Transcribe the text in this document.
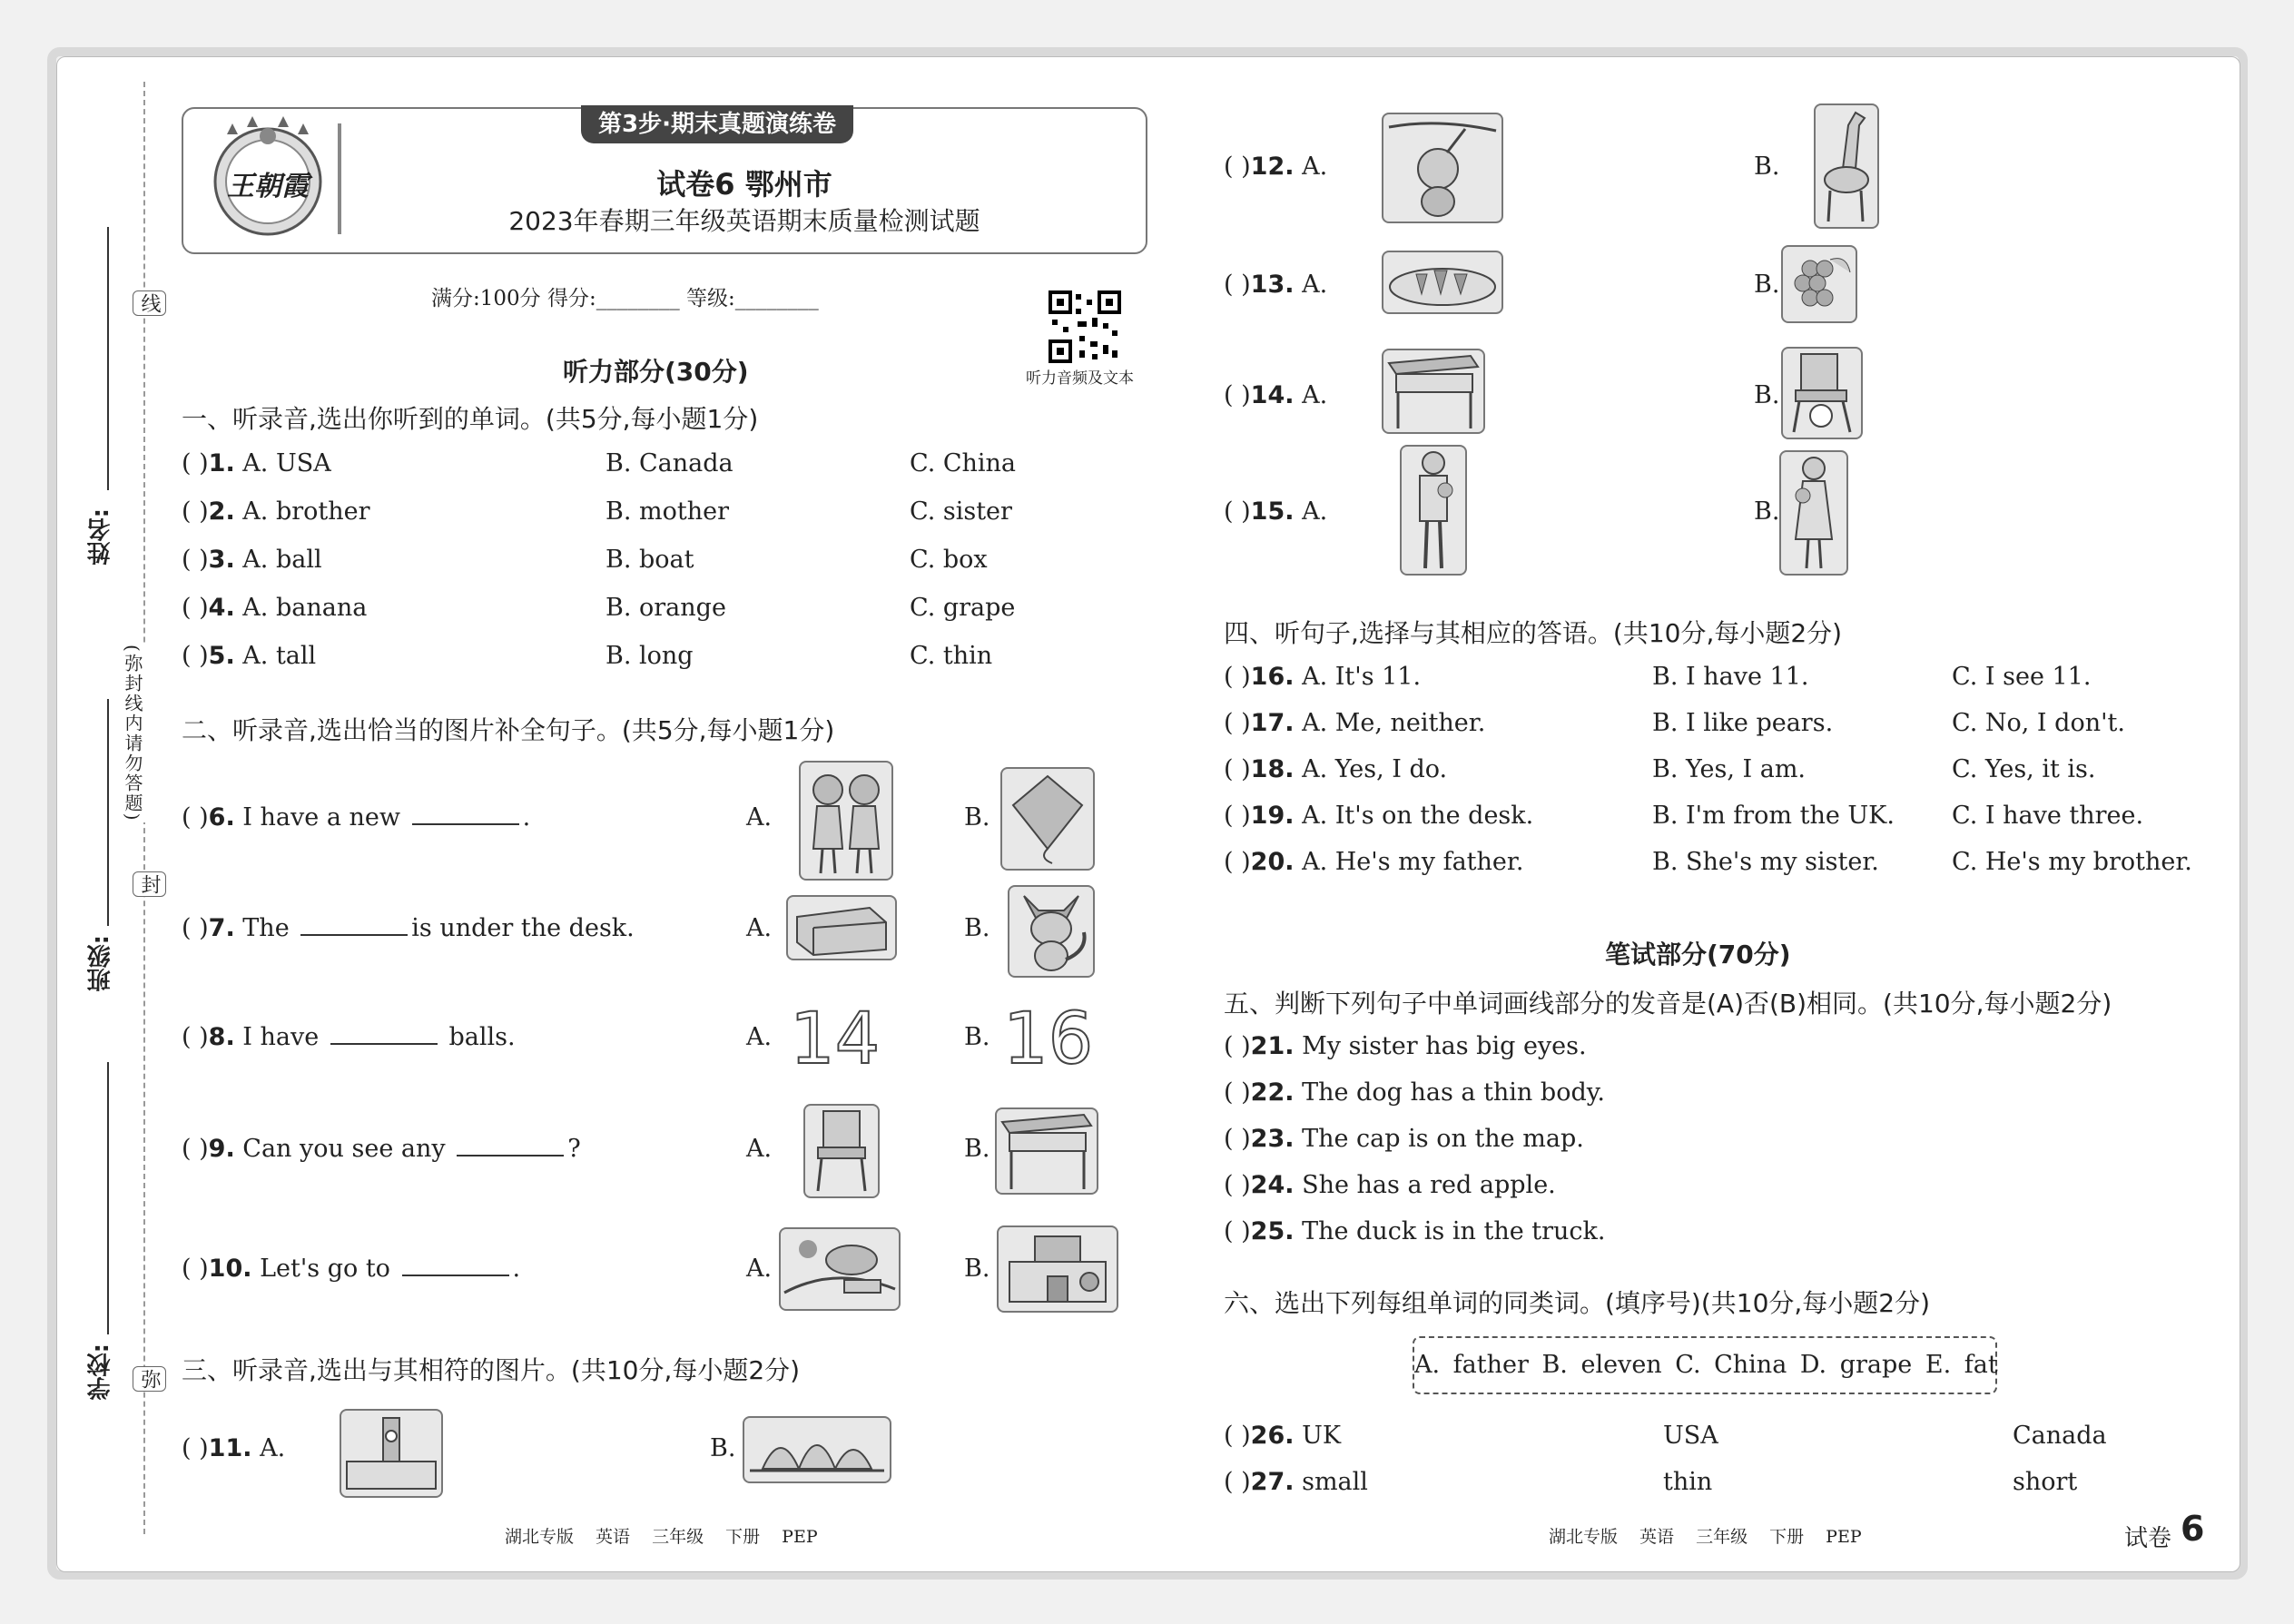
线
封
弥
(弥封线内请勿答题)
姓名:
班级:
学校:
王朝霞
第3步·期末真题演练卷
试卷6 鄂州市
2023年春期三年级英语期末质量检测试题
满分:100分 得分:________ 等级:________
听力音频及文本
听力部分(30分)
一、听录音,选出你听到的单词。(共5分,每小题1分)
( )1. A. USA	B. Canada	C. China
( )2. A. brother	B. mother	C. sister
( )3. A. ball	B. boat	C. box
( )4. A. banana	B. orange	C. grape
( )5. A. tall	B. long	C. thin
二、听录音,选出恰当的图片补全句子。(共5分,每小题1分)
( )6. I have a new	.	A.	B.
( )7. The	is under the desk.	A.	B.
( )8. I have	balls.	A. 14	B. 16
( )9. Can you see any	?	A.	B.
( )10. Let's go to	.	A.	B.
三、听录音,选出与其相符的图片。(共10分,每小题2分)
( )11. A.	B.
( )12. A.	B.
( )13. A.	B.
( )14. A.	B.
( )15. A.	B.
四、听句子,选择与其相应的答语。(共10分,每小题2分)
( )16. A. It's 11.	B. I have 11.	C. I see 11.
( )17. A. Me, neither.	B. I like pears.	C. No, I don't.
( )18. A. Yes, I do.	B. Yes, I am.	C. Yes, it is.
( )19. A. It's on the desk.	B. I'm from the UK. C. I have three.
( )20. A. He's my father.	B. She's my sister.	C. He's my brother.
笔试部分(70分)
五、判断下列句子中单词画线部分的发音是(A)否(B)相同。(共10分,每小题2分)
( )21. My sister has big eyes.
( )22. The dog has a thin body.
( )23. The cap is on the map.
( )24. She has a red apple.
( )25. The duck is in the truck.
六、选出下列每组单词的同类词。(填序号)(共10分,每小题2分)
A. father B. eleven C. China D. grape E. fat
( )26. UK	USA	Canada
( )27. small	thin	short
湖北专版 英语 三年级 下册 PEP	湖北专版 英语 三年级 下册 PEP	试卷 6
